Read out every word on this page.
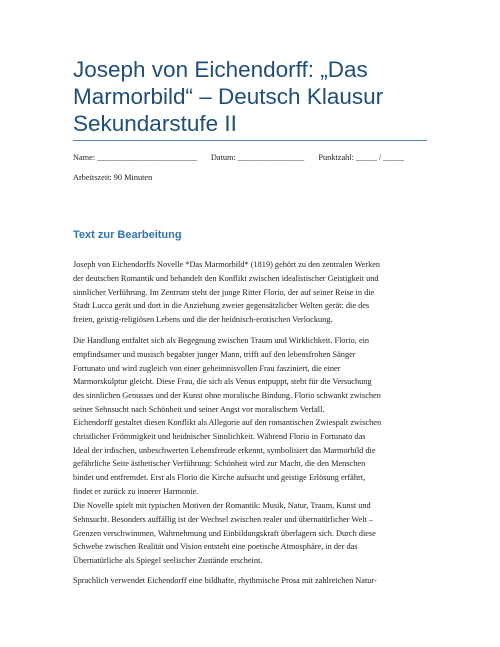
Joseph von Eichendorff: „Das Marmorbild“ – Deutsch Klausur Sekundarstufe II
Name: ________________________ Datum: ________________ Punktzahl: _____ / _____
Arbeitszeit: 90 Minuten
Text zur Bearbeitung
Joseph von Eichendorffs Novelle *Das Marmorbild* (1819) gehört zu den zentralen Werken
der deutschen Romantik und behandelt den Konflikt zwischen idealistischer Geistigkeit und
sinnlicher Verführung. Im Zentrum steht der junge Ritter Florio, der auf seiner Reise in die
Stadt Lucca gerät und dort in die Anziehung zweier gegensätzlicher Welten gerät: die des
freien, geistig-religiösen Lebens und die der heidnisch-erotischen Verlockung.
Die Handlung entfaltet sich als Begegnung zwischen Traum und Wirklichkeit. Florio, ein
empfindsamer und musisch begabter junger Mann, trifft auf den lebensfrohen Sänger
Fortunato und wird zugleich von einer geheimnisvollen Frau fasziniert, die einer
Marmorskulptur gleicht. Diese Frau, die sich als Venus entpuppt, steht für die Versuchung
des sinnlichen Genusses und der Kunst ohne moralische Bindung. Florio schwankt zwischen
seiner Sehnsucht nach Schönheit und seiner Angst vor moralischem Verfall.
Eichendorff gestaltet diesen Konflikt als Allegorie auf den romantischen Zwiespalt zwischen
christlicher Frömmigkeit und heidnischer Sinnlichkeit. Während Florio in Fortunato das
Ideal der irdischen, unbeschwerten Lebensfreude erkennt, symbolisiert das Marmorbild die
gefährliche Seite ästhetischer Verführung: Schönheit wird zur Macht, die den Menschen
bindet und entfremdet. Erst als Florio die Kirche aufsucht und geistige Erlösung erfährt,
findet er zurück zu innerer Harmonie.
Die Novelle spielt mit typischen Motiven der Romantik: Musik, Natur, Traum, Kunst und
Sehnsucht. Besonders auffällig ist der Wechsel zwischen realer und übernatürlicher Welt –
Grenzen verschwimmen, Wahrnehmung und Einbildungskraft überlagern sich. Durch diese
Schwebe zwischen Realität und Vision entsteht eine poetische Atmosphäre, in der das
Übernatürliche als Spiegel seelischer Zustände erscheint.
Sprachlich verwendet Eichendorff eine bildhafte, rhythmische Prosa mit zahlreichen Natur-
